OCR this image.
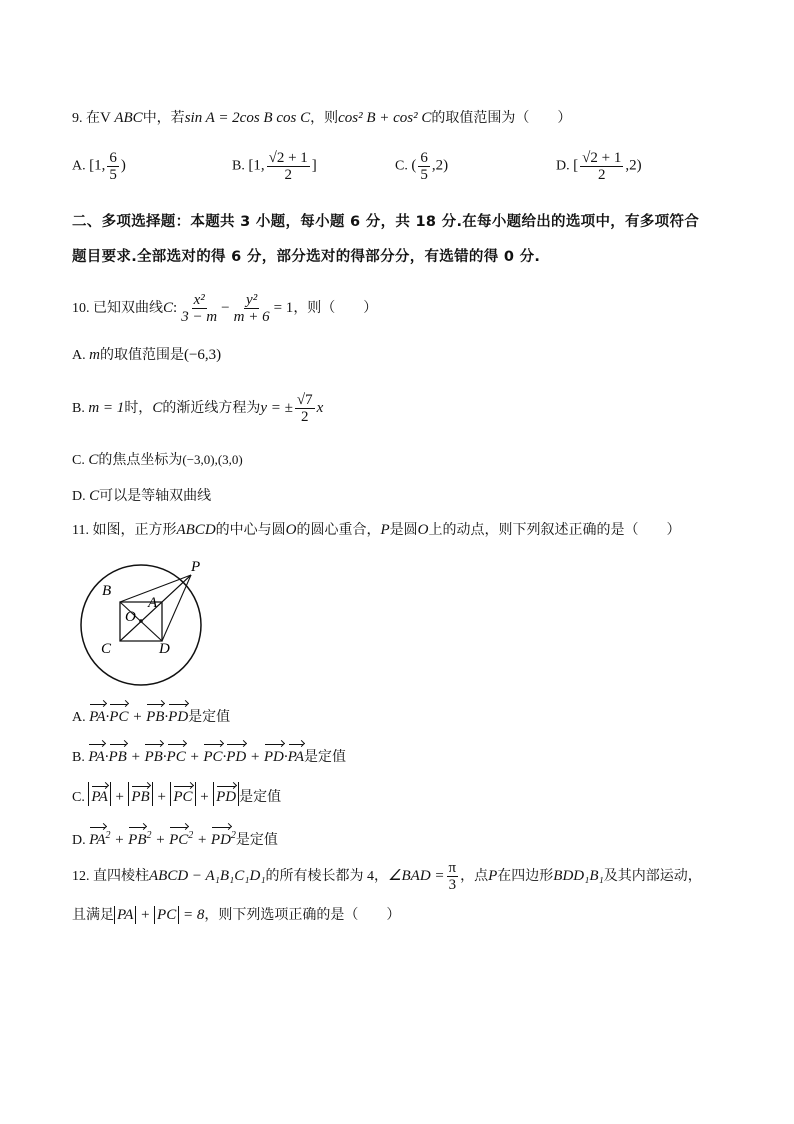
9. 在V ABC中，若sin A = 2cos B cos C，则cos² B + cos² C的取值范围为（　　）
A. [1, $\frac{6}{5}$ )	B. [1, $\frac{√2 + 1}{2}$ ]	C. ( $\frac{6}{5} ,2$)	D. [ $\frac{√2 + 1}{2} ,2$)
二、多项选择题：本题共 3 小题，每小题 6 分，共 18 分.在每小题给出的选项中，有多项符合
题目要求.全部选对的得 6 分，部分选对的得部分分，有选错的得 0 分.
10. 已知双曲线C: $\frac{\text{x²}}{3 - m} - \frac{\text{y²}}{m + 6} = 1$，则（　　）
A. m的取值范围是(−6,3)
B. m = 1时，C的渐近线方程为y = ± $\frac{√7}{2}$ x
C. C的焦点坐标为(−3,0),(3,0)
D. C可以是等轴双曲线
11. 如图，正方形ABCD的中心与圆O的圆心重合，P是圆O上的动点，则下列叙述正确的是（　　）
P
B
A
O
C	D
A. PA·PC + PB·PD是定值
B. PA·PB + PB·PC + PC·PD + PD·PA是定值
C. PA + PB + PC + PD 是定值
D. $PA^2 + PB^2 + PC^2 + PD^2$是定值
12. 直四棱柱ABCD − A₁B₁C₁D₁的所有棱长都为 4，∠BAD = $\frac{\pi}{3}$ ，点P在四边形BDD₁B₁及其内部运动，
且满足 PA + PC = 8，则下列选项正确的是（　　）
